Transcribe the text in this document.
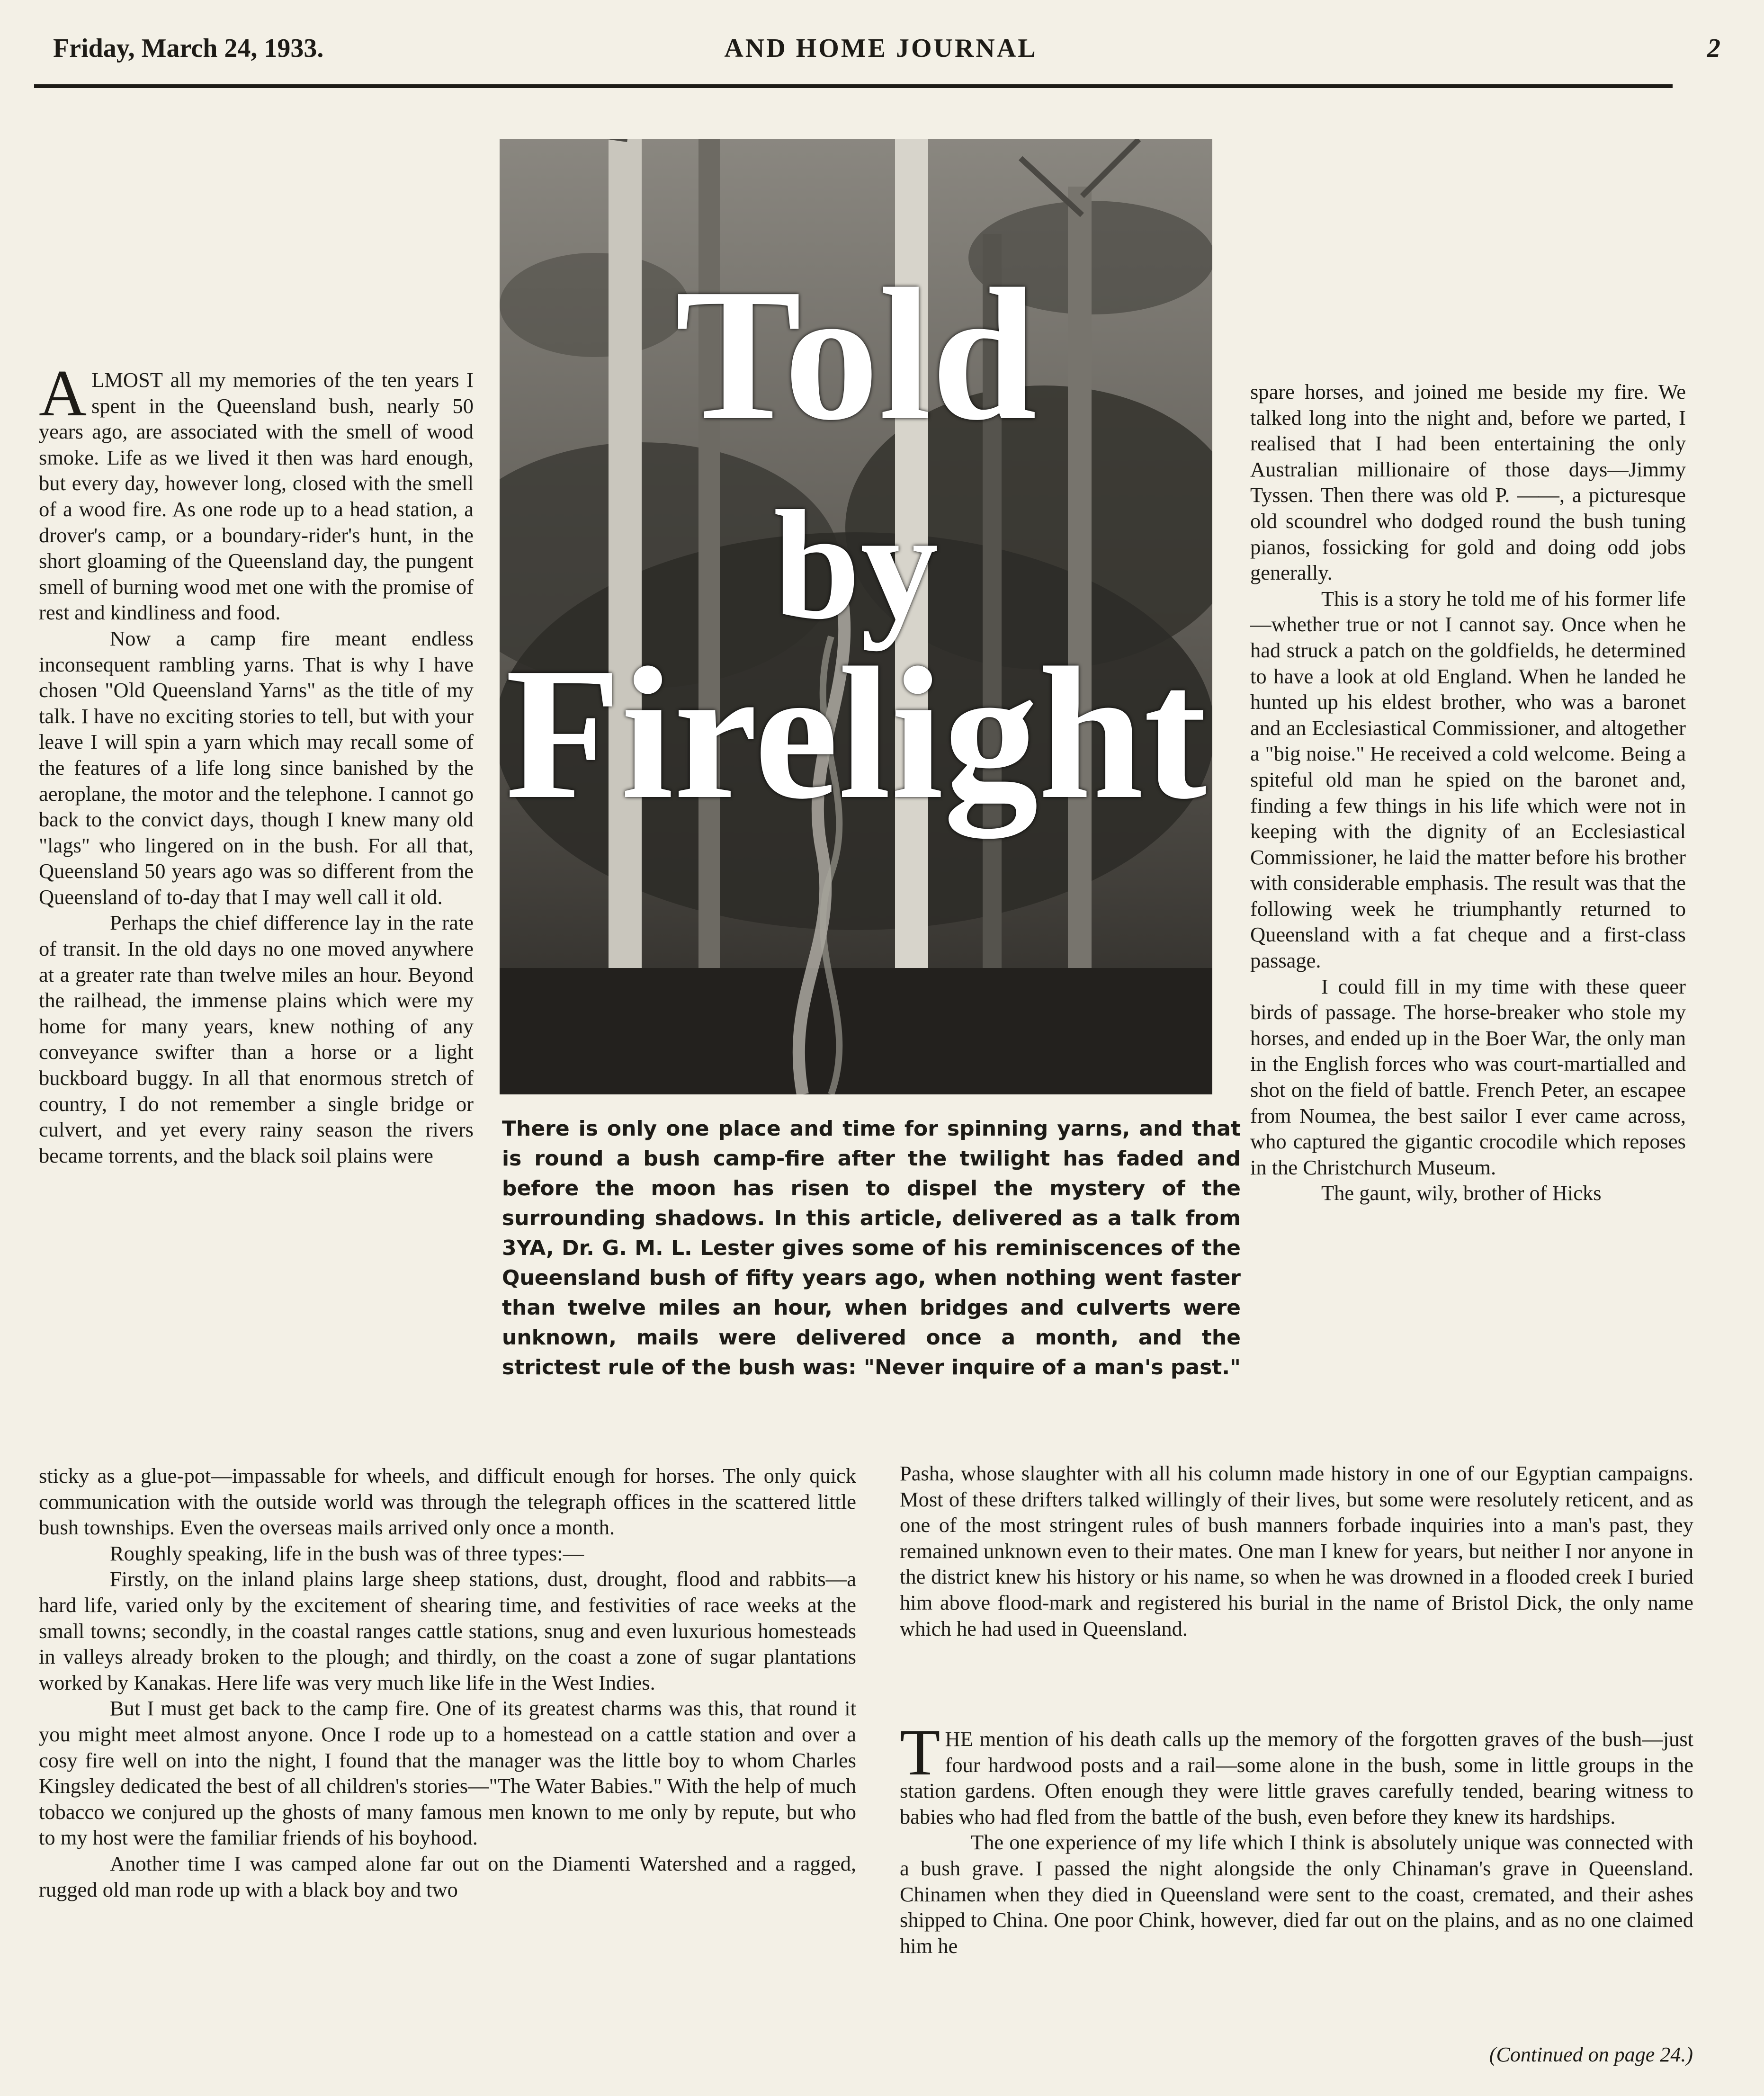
Friday, March 24, 1933.	AND HOME JOURNAL	2
Told
by
Firelight
There is only one place and time for spinning yarns, and that is round a bush camp-fire after the twilight has faded and before the moon has risen to dispel the mystery of the surrounding shadows. In this article, delivered as a talk from 3YA, Dr. G. M. L. Lester gives some of his reminiscences of the Queensland bush of fifty years ago, when nothing went faster than twelve miles an hour, when bridges and culverts were unknown, mails were delivered once a month, and the strictest rule of the bush was: "Never inquire of a man's past."

ALMOST all my memories of the ten years I spent in the Queensland bush, nearly 50 years ago, are associated with the smell of wood smoke. Life as we lived it then was hard enough, but every day, however long, closed with the smell of a wood fire. As one rode up to a head station, a drover's camp, or a boundary-rider's hunt, in the short gloaming of the Queensland day, the pungent smell of burning wood met one with the promise of rest and kindliness and food.

Now a camp fire meant endless inconsequent rambling yarns. That is why I have chosen "Old Queensland Yarns" as the title of my talk. I have no exciting stories to tell, but with your leave I will spin a yarn which may recall some of the features of a life long since banished by the aeroplane, the motor and the telephone. I cannot go back to the convict days, though I knew many old "lags" who lingered on in the bush. For all that, Queensland 50 years ago was so different from the Queensland of to-day that I may well call it old.

Perhaps the chief difference lay in the rate of transit. In the old days no one moved anywhere at a greater rate than twelve miles an hour. Beyond the railhead, the immense plains which were my home for many years, knew nothing of any conveyance swifter than a horse or a light buckboard buggy. In all that enormous stretch of country, I do not remember a single bridge or culvert, and yet every rainy season the rivers became torrents, and the black soil plains were

spare horses, and joined me beside my fire. We talked long into the night and, before we parted, I realised that I had been entertaining the only Australian millionaire of those days—Jimmy Tyssen. Then there was old P. ——, a picturesque old scoundrel who dodged round the bush tuning pianos, fossicking for gold and doing odd jobs generally.

This is a story he told me of his former life—whether true or not I cannot say. Once when he had struck a patch on the goldfields, he determined to have a look at old England. When he landed he hunted up his eldest brother, who was a baronet and an Ecclesiastical Commissioner, and altogether a "big noise." He received a cold welcome. Being a spiteful old man he spied on the baronet and, finding a few things in his life which were not in keeping with the dignity of an Ecclesiastical Commissioner, he laid the matter before his brother with considerable emphasis. The result was that the following week he triumphantly returned to Queensland with a fat cheque and a first-class passage.

I could fill in my time with these queer birds of passage. The horse-breaker who stole my horses, and ended up in the Boer War, the only man in the English forces who was court-martialled and shot on the field of battle. French Peter, an escapee from Noumea, the best sailor I ever came across, who captured the gigantic crocodile which reposes in the Christchurch Museum.

The gaunt, wily, brother of Hicks

sticky as a glue-pot—impassable for wheels, and difficult enough for horses. The only quick communication with the outside world was through the telegraph offices in the scattered little bush townships. Even the overseas mails arrived only once a month.

Roughly speaking, life in the bush was of three types:—

Firstly, on the inland plains large sheep stations, dust, drought, flood and rabbits—a hard life, varied only by the excitement of shearing time, and festivities of race weeks at the small towns; secondly, in the coastal ranges cattle stations, snug and even luxurious homesteads in valleys already broken to the plough; and thirdly, on the coast a zone of sugar plantations worked by Kanakas. Here life was very much like life in the West Indies.

But I must get back to the camp fire. One of its greatest charms was this, that round it you might meet almost anyone. Once I rode up to a homestead on a cattle station and over a cosy fire well on into the night, I found that the manager was the little boy to whom Charles Kingsley dedicated the best of all children's stories—"The Water Babies." With the help of much tobacco we conjured up the ghosts of many famous men known to me only by repute, but who to my host were the familiar friends of his boyhood.

Another time I was camped alone far out on the Diamenti Watershed and a ragged, rugged old man rode up with a black boy and two

Pasha, whose slaughter with all his column made history in one of our Egyptian campaigns. Most of these drifters talked willingly of their lives, but some were resolutely reticent, and as one of the most stringent rules of bush manners forbade inquiries into a man's past, they remained unknown even to their mates. One man I knew for years, but neither I nor anyone in the district knew his history or his name, so when he was drowned in a flooded creek I buried him above flood-mark and registered his burial in the name of Bristol Dick, the only name which he had used in Queensland.

THE mention of his death calls up the memory of the forgotten graves of the bush—just four hardwood posts and a rail—some alone in the bush, some in little groups in the station gardens. Often enough they were little graves carefully tended, bearing witness to babies who had fled from the battle of the bush, even before they knew its hardships.

The one experience of my life which I think is absolutely unique was connected with a bush grave. I passed the night alongside the only Chinaman's grave in Queensland. Chinamen when they died in Queensland were sent to the coast, cremated, and their ashes shipped to China. One poor Chink, however, died far out on the plains, and as no one claimed him he

(Continued on page 24.)
